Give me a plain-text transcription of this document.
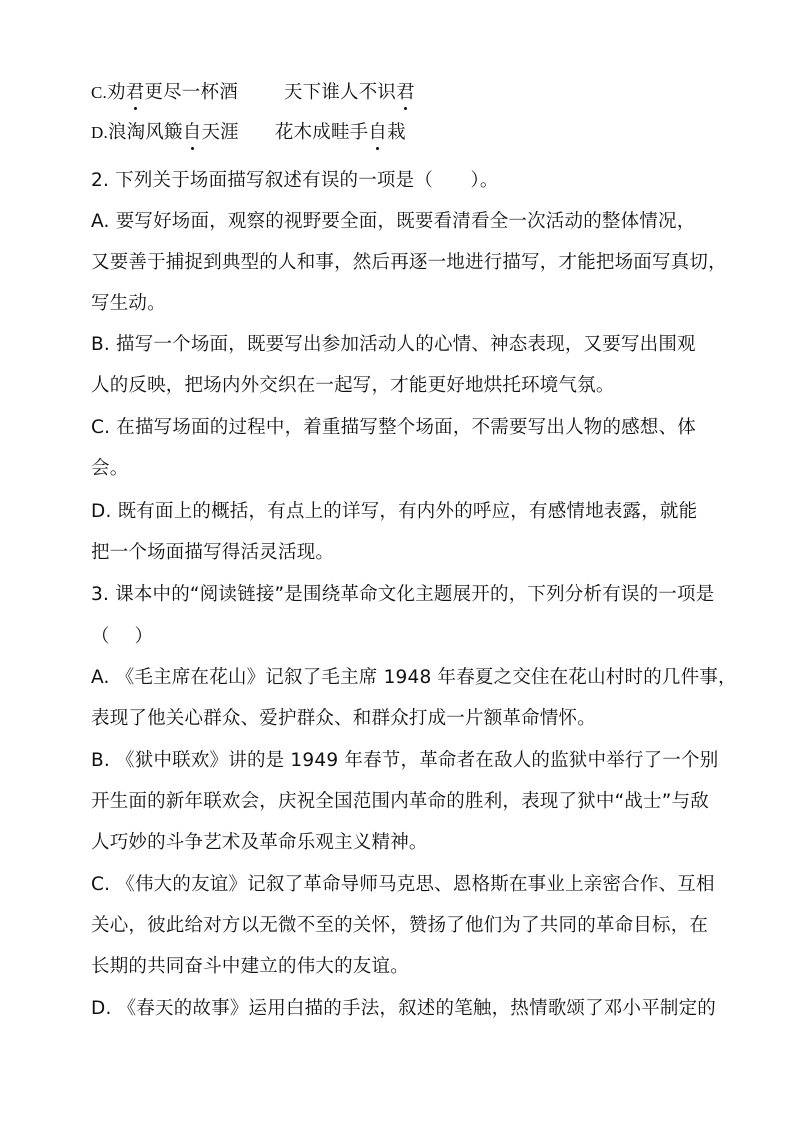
C.劝君更尽一杯酒 天下谁人不识君
D.浪淘风簸自天涯 花木成畦手自栽
2. 下列关于场面描写叙述有误的一项是（　　）。
A. 要写好场面，观察的视野要全面，既要看清看全一次活动的整体情况，
又要善于捕捉到典型的人和事，然后再逐一地进行描写，才能把场面写真切，
写生动。
B. 描写一个场面，既要写出参加活动人的心情、神态表现，又要写出围观
人的反映，把场内外交织在一起写，才能更好地烘托环境气氛。
C. 在描写场面的过程中，着重描写整个场面，不需要写出人物的感想、体
会。
D. 既有面上的概括，有点上的详写，有内外的呼应，有感情地表露，就能
把一个场面描写得活灵活现。
3. 课本中的“阅读链接”是围绕革命文化主题展开的，下列分析有误的一项是
（　 ）
A. 《毛主席在花山》记叙了毛主席 1948 年春夏之交住在花山村时的几件事，
表现了他关心群众、爱护群众、和群众打成一片额革命情怀。
B. 《狱中联欢》讲的是 1949 年春节，革命者在敌人的监狱中举行了一个别
开生面的新年联欢会，庆祝全国范围内革命的胜利，表现了狱中“战士”与敌
人巧妙的斗争艺术及革命乐观主义精神。
C. 《伟大的友谊》记叙了革命导师马克思、恩格斯在事业上亲密合作、互相
关心，彼此给对方以无微不至的关怀，赞扬了他们为了共同的革命目标，在
长期的共同奋斗中建立的伟大的友谊。
D. 《春天的故事》运用白描的手法，叙述的笔触，热情歌颂了邓小平制定的
